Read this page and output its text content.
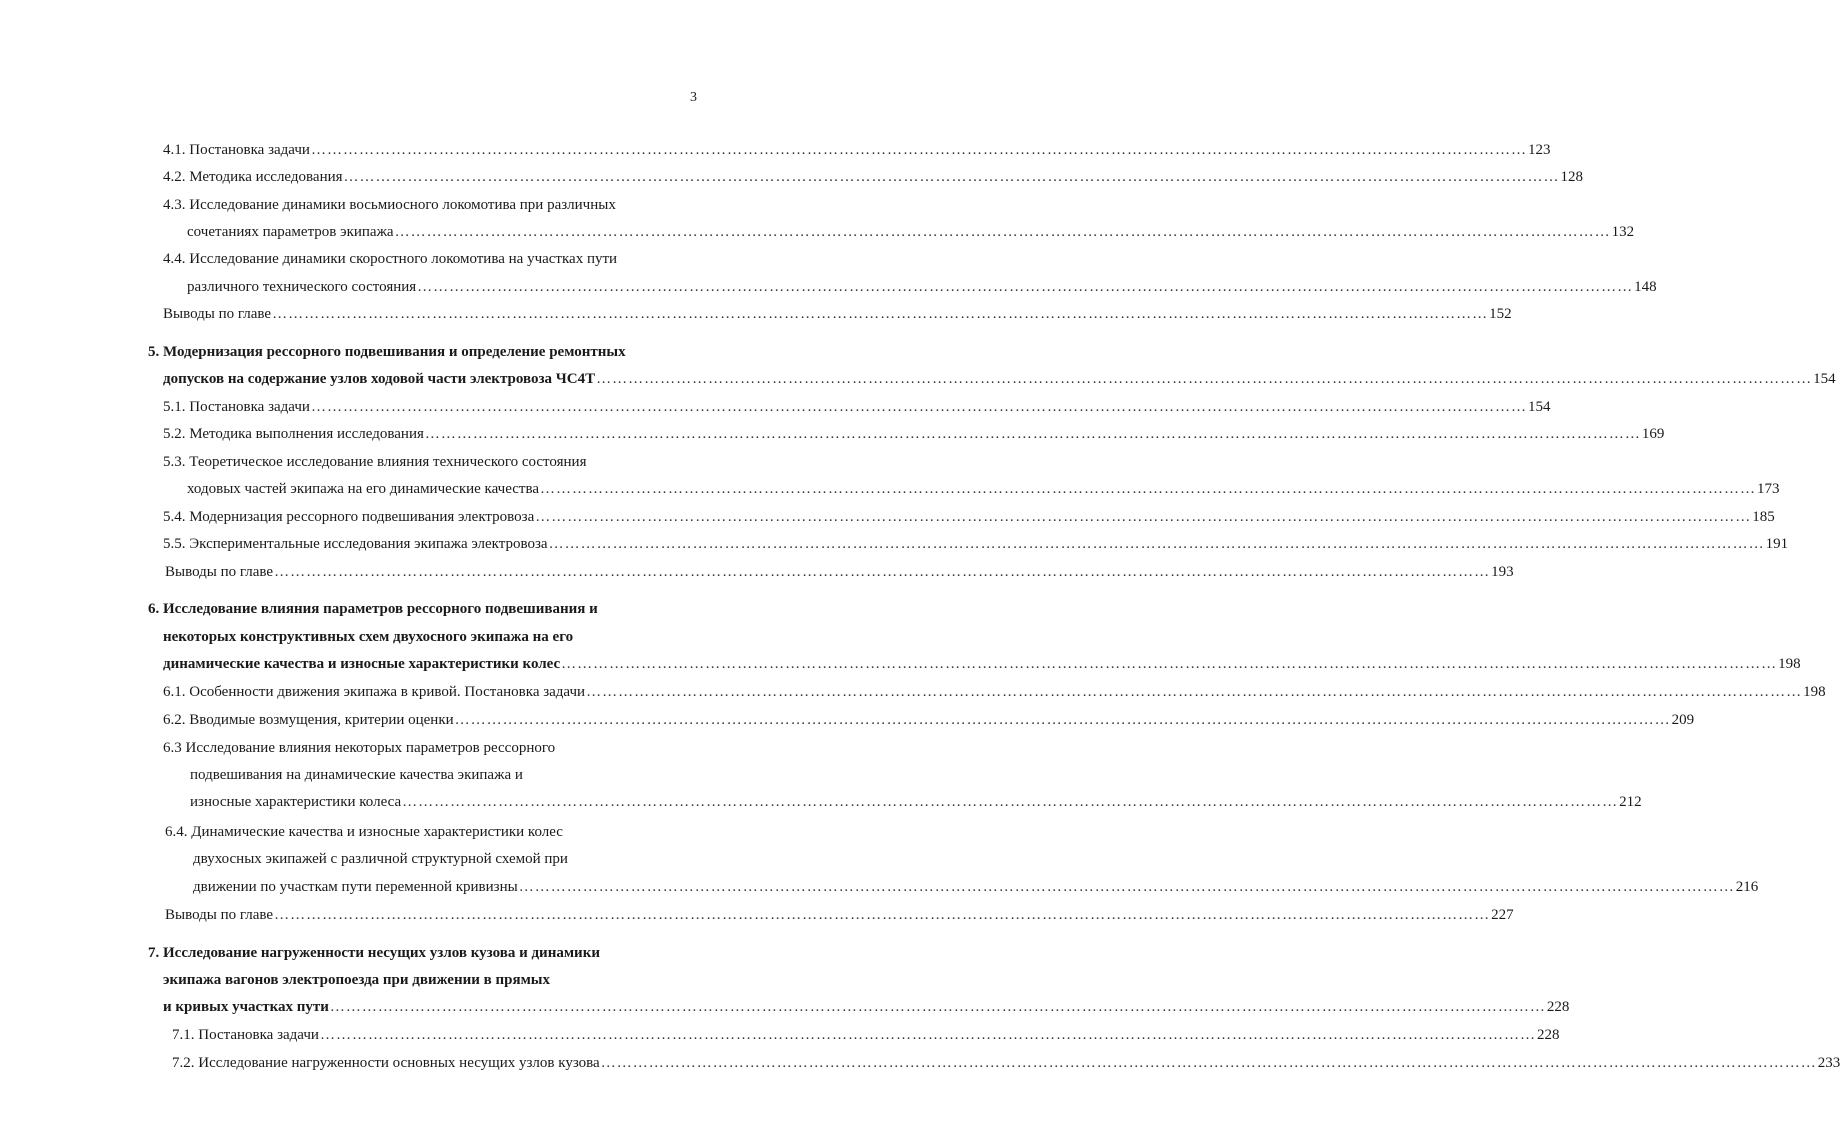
3
4.1. Постановка задачи ………………………………………………………………………………………………………………………………………………………………………………………………………… 123
4.2. Методика исследования ………………………………………………………………………………………………………………………………………………………………………………………………………… 128
4.3. Исследование динамики восьмиосного локомотива при различных
сочетаниях параметров экипажа ………………………………………………………………………………………………………………………………………………………………………………………………………… 132
4.4. Исследование динамики скоростного локомотива на участках пути
различного технического состояния ………………………………………………………………………………………………………………………………………………………………………………………………………… 148
Выводы по главе ………………………………………………………………………………………………………………………………………………………………………………………………………… 152
5. Модернизация рессорного подвешивания и определение ремонтных
допусков на содержание узлов ходовой части электровоза ЧС4Т ………………………………………………………………………………………………………………………………………………………………………………………………………… 154
5.1. Постановка задачи ………………………………………………………………………………………………………………………………………………………………………………………………………… 154
5.2. Методика выполнения исследования ………………………………………………………………………………………………………………………………………………………………………………………………………… 169
5.3. Теоретическое исследование влияния технического состояния
ходовых частей экипажа на его динамические качества ………………………………………………………………………………………………………………………………………………………………………………………………………… 173
5.4. Модернизация рессорного подвешивания электровоза ………………………………………………………………………………………………………………………………………………………………………………………………………… 185
5.5. Экспериментальные исследования экипажа электровоза ………………………………………………………………………………………………………………………………………………………………………………………………………… 191
Выводы по главе ………………………………………………………………………………………………………………………………………………………………………………………………………… 193
6. Исследование влияния параметров рессорного подвешивания и
некоторых конструктивных схем двухосного экипажа на его
динамические качества и износные характеристики колес ………………………………………………………………………………………………………………………………………………………………………………………………………… 198
6.1. Особенности движения экипажа в кривой. Постановка задачи ………………………………………………………………………………………………………………………………………………………………………………………………………… 198
6.2. Вводимые возмущения, критерии оценки ………………………………………………………………………………………………………………………………………………………………………………………………………… 209
6.3 Исследование влияния некоторых параметров рессорного
подвешивания на динамические качества экипажа и
износные характеристики колеса ………………………………………………………………………………………………………………………………………………………………………………………………………… 212
6.4. Динамические качества и износные характеристики колес
двухосных экипажей с различной структурной схемой при
движении по участкам пути переменной кривизны ………………………………………………………………………………………………………………………………………………………………………………………………………… 216
Выводы по главе ………………………………………………………………………………………………………………………………………………………………………………………………………… 227
7. Исследование нагруженности несущих узлов кузова и динамики
экипажа вагонов электропоезда при движении в прямых
и кривых участках пути ………………………………………………………………………………………………………………………………………………………………………………………………………… 228
7.1. Постановка задачи ………………………………………………………………………………………………………………………………………………………………………………………………………… 228
7.2. Исследование нагруженности основных несущих узлов кузова ………………………………………………………………………………………………………………………………………………………………………………………………………… 233
